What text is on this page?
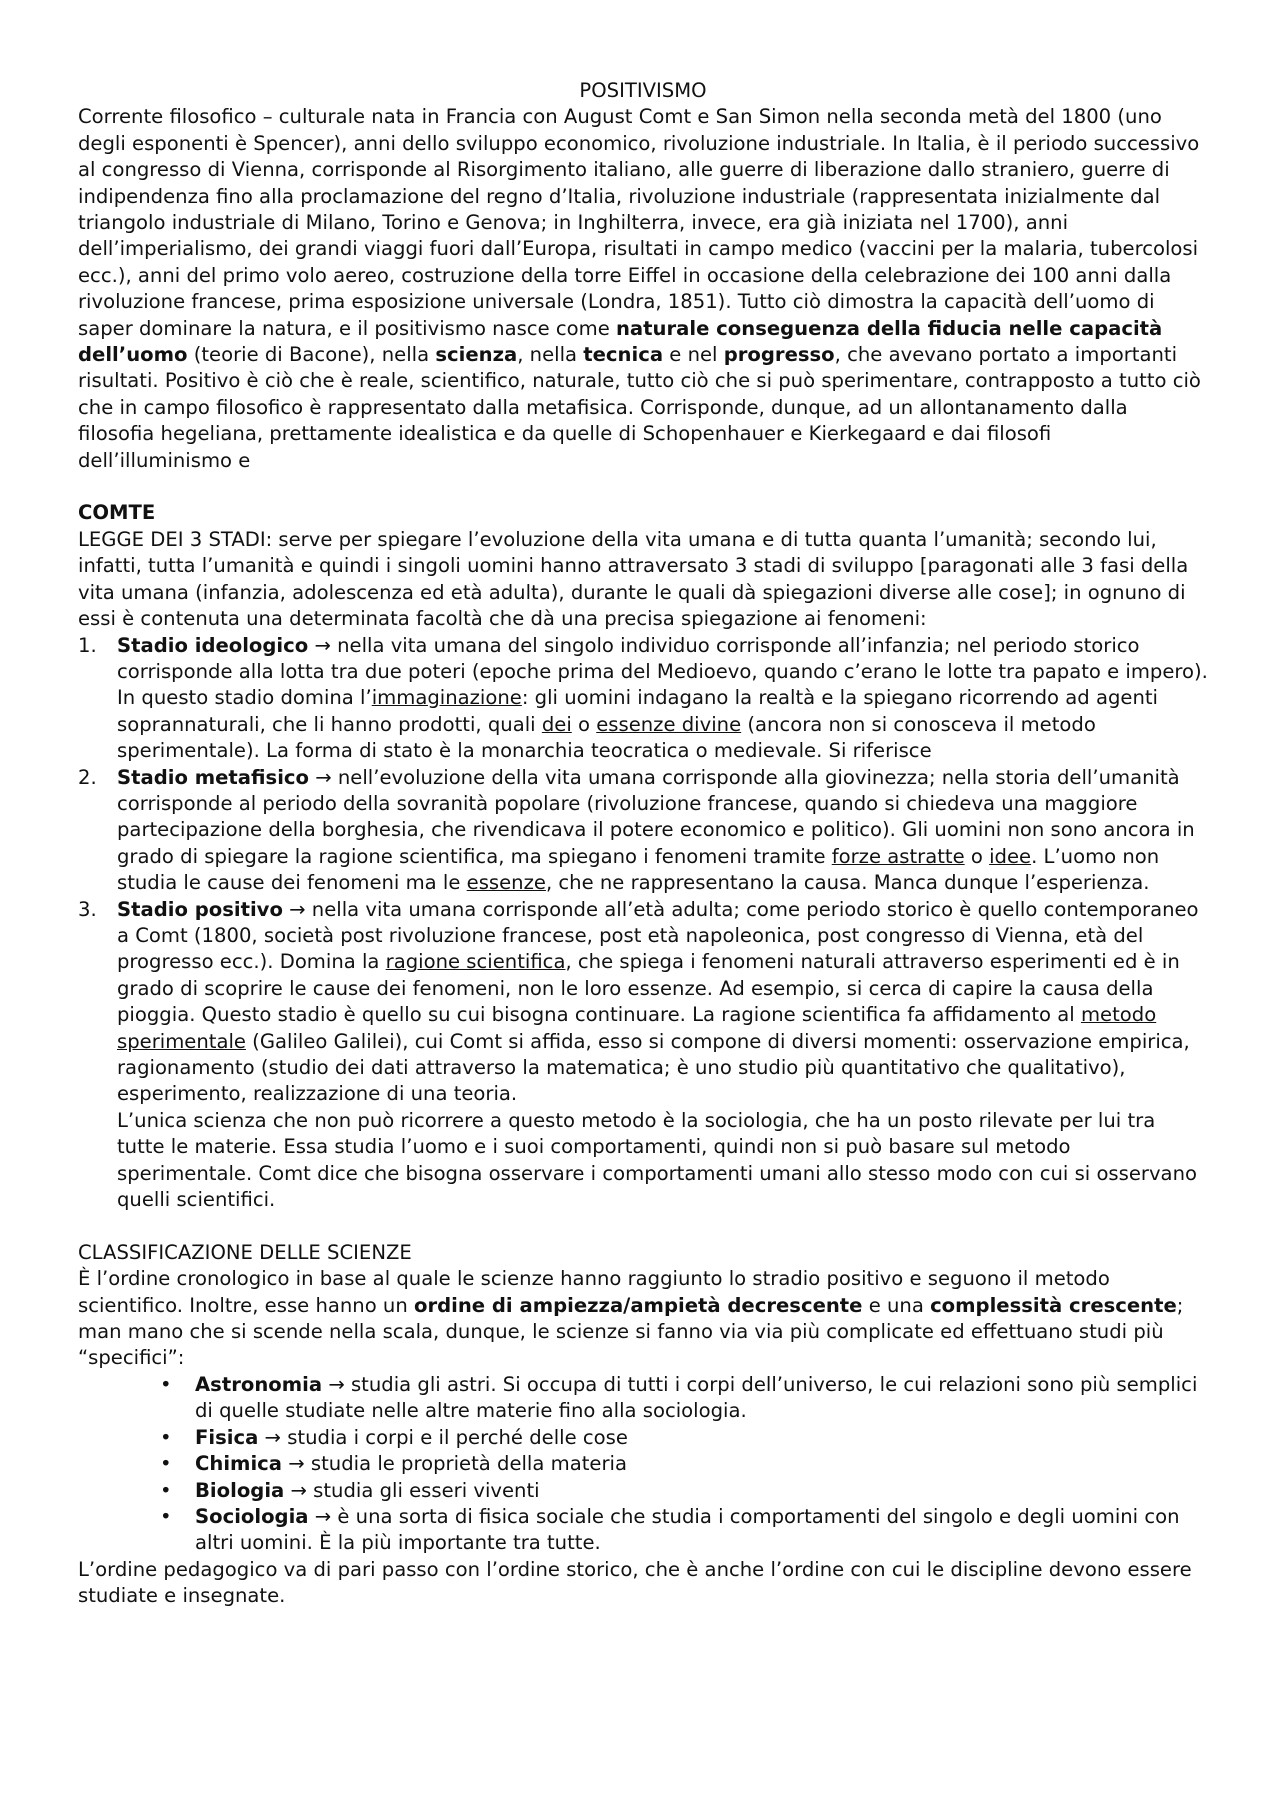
POSITIVISMO

Corrente filosofico – culturale nata in Francia con August Comt e San Simon nella seconda metà del 1800 (uno degli esponenti è Spencer), anni dello sviluppo economico, rivoluzione industriale. In Italia, è il periodo successivo al congresso di Vienna, corrisponde al Risorgimento italiano, alle guerre di liberazione dallo straniero, guerre di indipendenza fino alla proclamazione del regno d’Italia, rivoluzione industriale (rappresentata inizialmente dal triangolo industriale di Milano, Torino e Genova; in Inghilterra, invece, era già iniziata nel 1700), anni dell’imperialismo, dei grandi viaggi fuori dall’Europa, risultati in campo medico (vaccini per la malaria, tubercolosi ecc.), anni del primo volo aereo, costruzione della torre Eiffel in occasione della celebrazione dei 100 anni dalla rivoluzione francese, prima esposizione universale (Londra, 1851). Tutto ciò dimostra la capacità dell’uomo di saper dominare la natura, e il positivismo nasce come naturale conseguenza della fiducia nelle capacità dell’uomo (teorie di Bacone), nella scienza, nella tecnica e nel progresso, che avevano portato a importanti risultati. Positivo è ciò che è reale, scientifico, naturale, tutto ciò che si può sperimentare, contrapposto a tutto ciò che in campo filosofico è rappresentato dalla metafisica. Corrisponde, dunque, ad un allontanamento dalla filosofia hegeliana, prettamente idealistica e da quelle di Schopenhauer e Kierkegaard e dai filosofi dell’illuminismo e

COMTE

LEGGE DEI 3 STADI: serve per spiegare l’evoluzione della vita umana e di tutta quanta l’umanità; secondo lui, infatti, tutta l’umanità e quindi i singoli uomini hanno attraversato 3 stadi di sviluppo [paragonati alle 3 fasi della vita umana (infanzia, adolescenza ed età adulta), durante le quali dà spiegazioni diverse alle cose]; in ognuno di essi è contenuta una determinata facoltà che dà una precisa spiegazione ai fenomeni:

1. Stadio ideologico → nella vita umana del singolo individuo corrisponde all’infanzia; nel periodo storico corrisponde alla lotta tra due poteri (epoche prima del Medioevo, quando c’erano le lotte tra papato e impero). In questo stadio domina l’immaginazione: gli uomini indagano la realtà e la spiegano ricorrendo ad agenti soprannaturali, che li hanno prodotti, quali dei o essenze divine (ancora non si conosceva il metodo sperimentale). La forma di stato è la monarchia teocratica o medievale. Si riferisce
2. Stadio metafisico → nell’evoluzione della vita umana corrisponde alla giovinezza; nella storia dell’umanità corrisponde al periodo della sovranità popolare (rivoluzione francese, quando si chiedeva una maggiore partecipazione della borghesia, che rivendicava il potere economico e politico). Gli uomini non sono ancora in grado di spiegare la ragione scientifica, ma spiegano i fenomeni tramite forze astratte o idee. L’uomo non studia le cause dei fenomeni ma le essenze, che ne rappresentano la causa. Manca dunque l’esperienza.
3. Stadio positivo → nella vita umana corrisponde all’età adulta; come periodo storico è quello contemporaneo a Comt (1800, società post rivoluzione francese, post età napoleonica, post congresso di Vienna, età del progresso ecc.). Domina la ragione scientifica, che spiega i fenomeni naturali attraverso esperimenti ed è in grado di scoprire le cause dei fenomeni, non le loro essenze. Ad esempio, si cerca di capire la causa della pioggia. Questo stadio è quello su cui bisogna continuare. La ragione scientifica fa affidamento al metodo sperimentale (Galileo Galilei), cui Comt si affida, esso si compone di diversi momenti: osservazione empirica, ragionamento (studio dei dati attraverso la matematica; è uno studio più quantitativo che qualitativo), esperimento, realizzazione di una teoria.

L’unica scienza che non può ricorrere a questo metodo è la sociologia, che ha un posto rilevate per lui tra tutte le materie. Essa studia l’uomo e i suoi comportamenti, quindi non si può basare sul metodo sperimentale. Comt dice che bisogna osservare i comportamenti umani allo stesso modo con cui si osservano quelli scientifici.

CLASSIFICAZIONE DELLE SCIENZE

È l’ordine cronologico in base al quale le scienze hanno raggiunto lo stradio positivo e seguono il metodo scientifico. Inoltre, esse hanno un ordine di ampiezza/ampietà decrescente e una complessità crescente; man mano che si scende nella scala, dunque, le scienze si fanno via via più complicate ed effettuano studi più “specifici”:

• Astronomia → studia gli astri. Si occupa di tutti i corpi dell’universo, le cui relazioni sono più semplici di quelle studiate nelle altre materie fino alla sociologia.
• Fisica → studia i corpi e il perché delle cose
• Chimica → studia le proprietà della materia
• Biologia → studia gli esseri viventi
• Sociologia → è una sorta di fisica sociale che studia i comportamenti del singolo e degli uomini con altri uomini. È la più importante tra tutte.

L’ordine pedagogico va di pari passo con l’ordine storico, che è anche l’ordine con cui le discipline devono essere studiate e insegnate.
